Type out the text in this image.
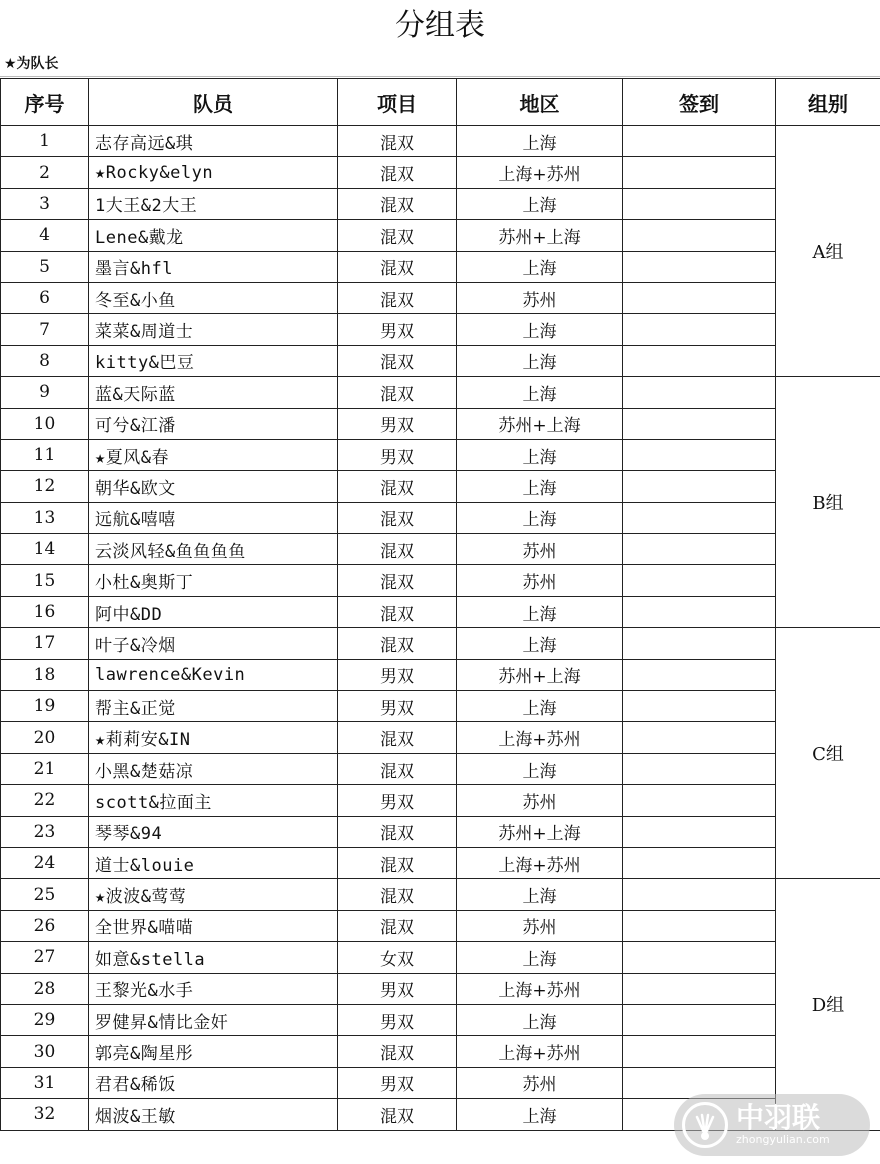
分组表
★为队长
序号	队员	项目	地区	签到	组别
1	志存高远&琪	混双	上海		A组
2	★Rocky&elyn	混双	上海+苏州		
3	1大王&2大王	混双	上海		
4	Lene&戴龙	混双	苏州+上海		
5	墨言&hfl	混双	上海		
6	冬至&小鱼	混双	苏州		
7	菜菜&周道士	男双	上海		
8	kitty&巴豆	混双	上海		
9	蓝&天际蓝	混双	上海		B组
10	可兮&江潘	男双	苏州+上海		
11	★夏风&春	男双	上海		
12	朝华&欧文	混双	上海		
13	远航&嘻嘻	混双	上海		
14	云淡风轻&鱼鱼鱼鱼	混双	苏州		
15	小杜&奥斯丁	混双	苏州		
16	阿中&DD	混双	上海		
17	叶子&冷烟	混双	上海		C组
18	lawrence&Kevin	男双	苏州+上海		
19	帮主&正觉	男双	上海		
20	★莉莉安&IN	混双	上海+苏州		
21	小黑&楚菇凉	混双	上海		
22	scott&拉面主	男双	苏州		
23	琴琴&94	混双	苏州+上海		
24	道士&louie	混双	上海+苏州		
25	★波波&莺莺	混双	上海		D组
26	全世界&喵喵	混双	苏州		
27	如意&stella	女双	上海		
28	王黎光&水手	男双	上海+苏州		
29	罗健昇&情比金奸	男双	上海		
30	郭亮&陶星彤	混双	上海+苏州		
31	君君&稀饭	男双	苏州		
32	烟波&王敏	混双	上海			中羽联
zhongyulian.com
